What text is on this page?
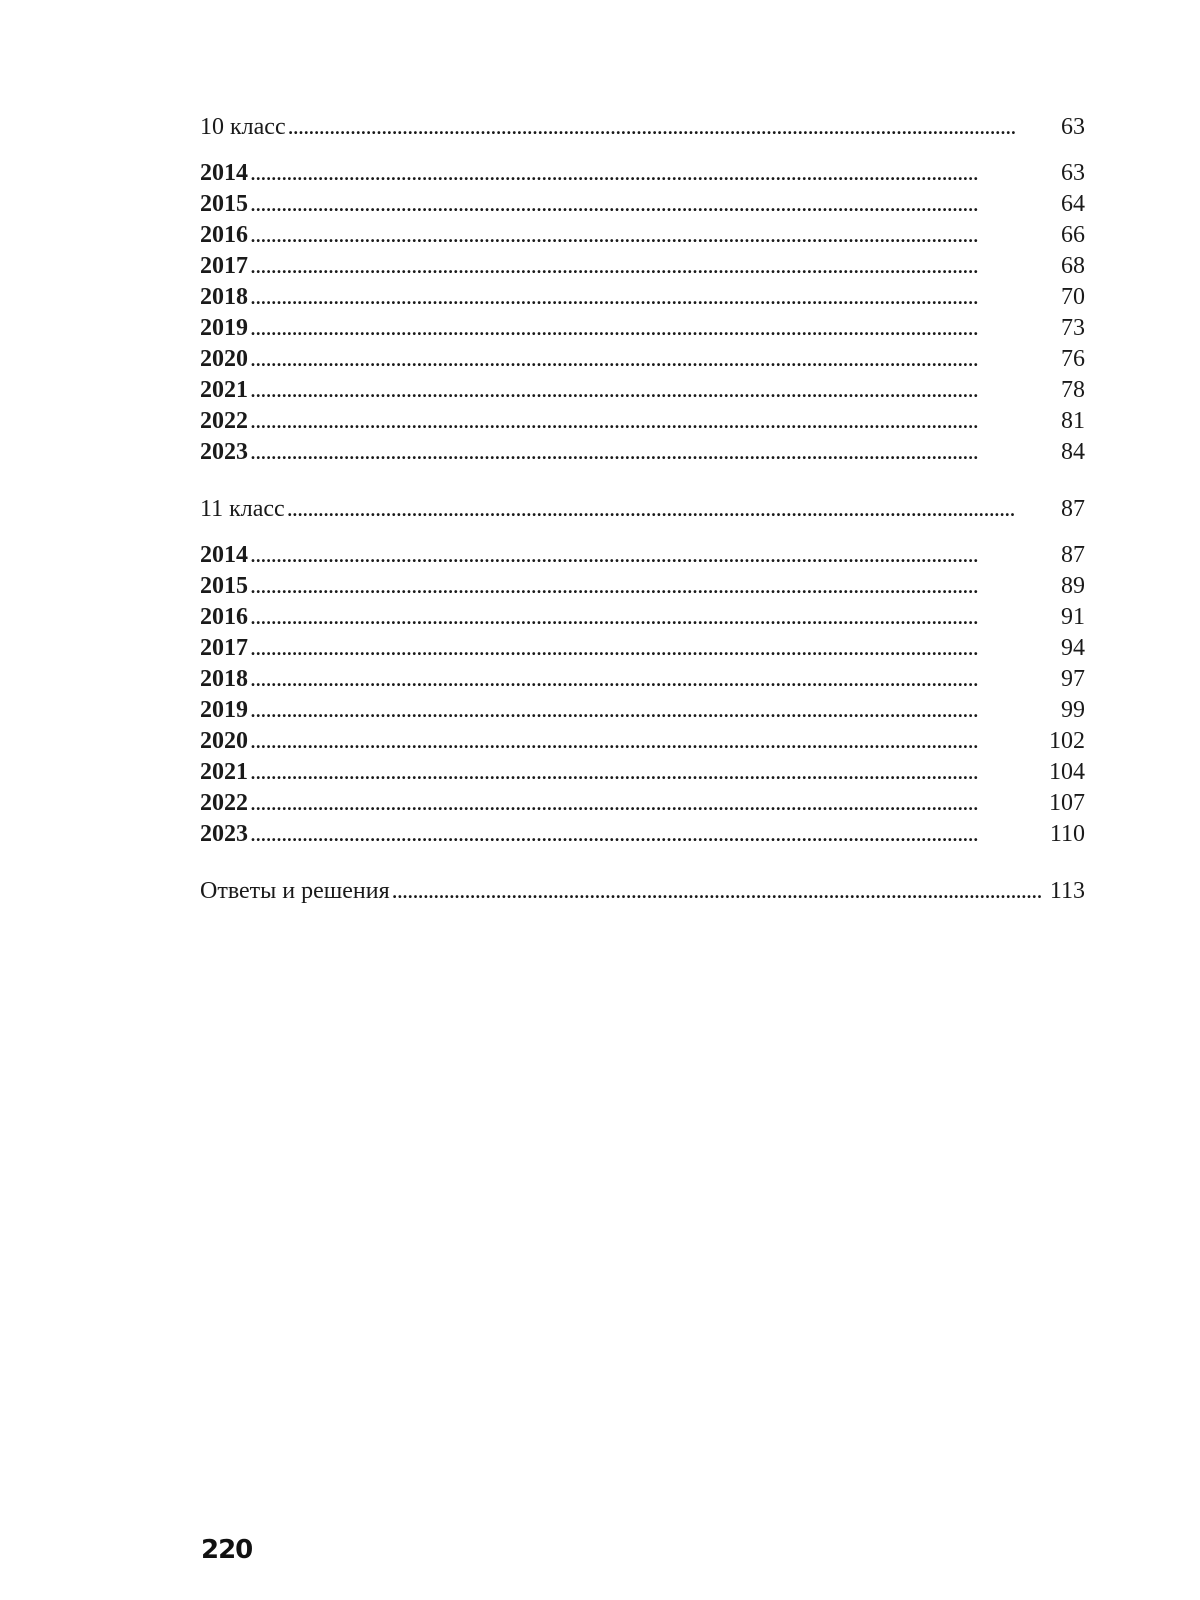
10 класс . . .	63
2014 . . .	63
2015 . . .	64
2016 . . .	66
2017 . . .	68
2018 . . .	70
2019 . . .	73
2020 . . .	76
2021 . . .	78
2022 . . .	81
2023 . . .	84
11 класс . . .	87
2014 . . .	87
2015 . . .	89
2016 . . .	91
2017 . . .	94
2018 . . .	97
2019 . . .	99
2020 . . .	102
2021 . . .	104
2022 . . .	107
2023 . . .	110
Ответы и решения . . .	113
220
